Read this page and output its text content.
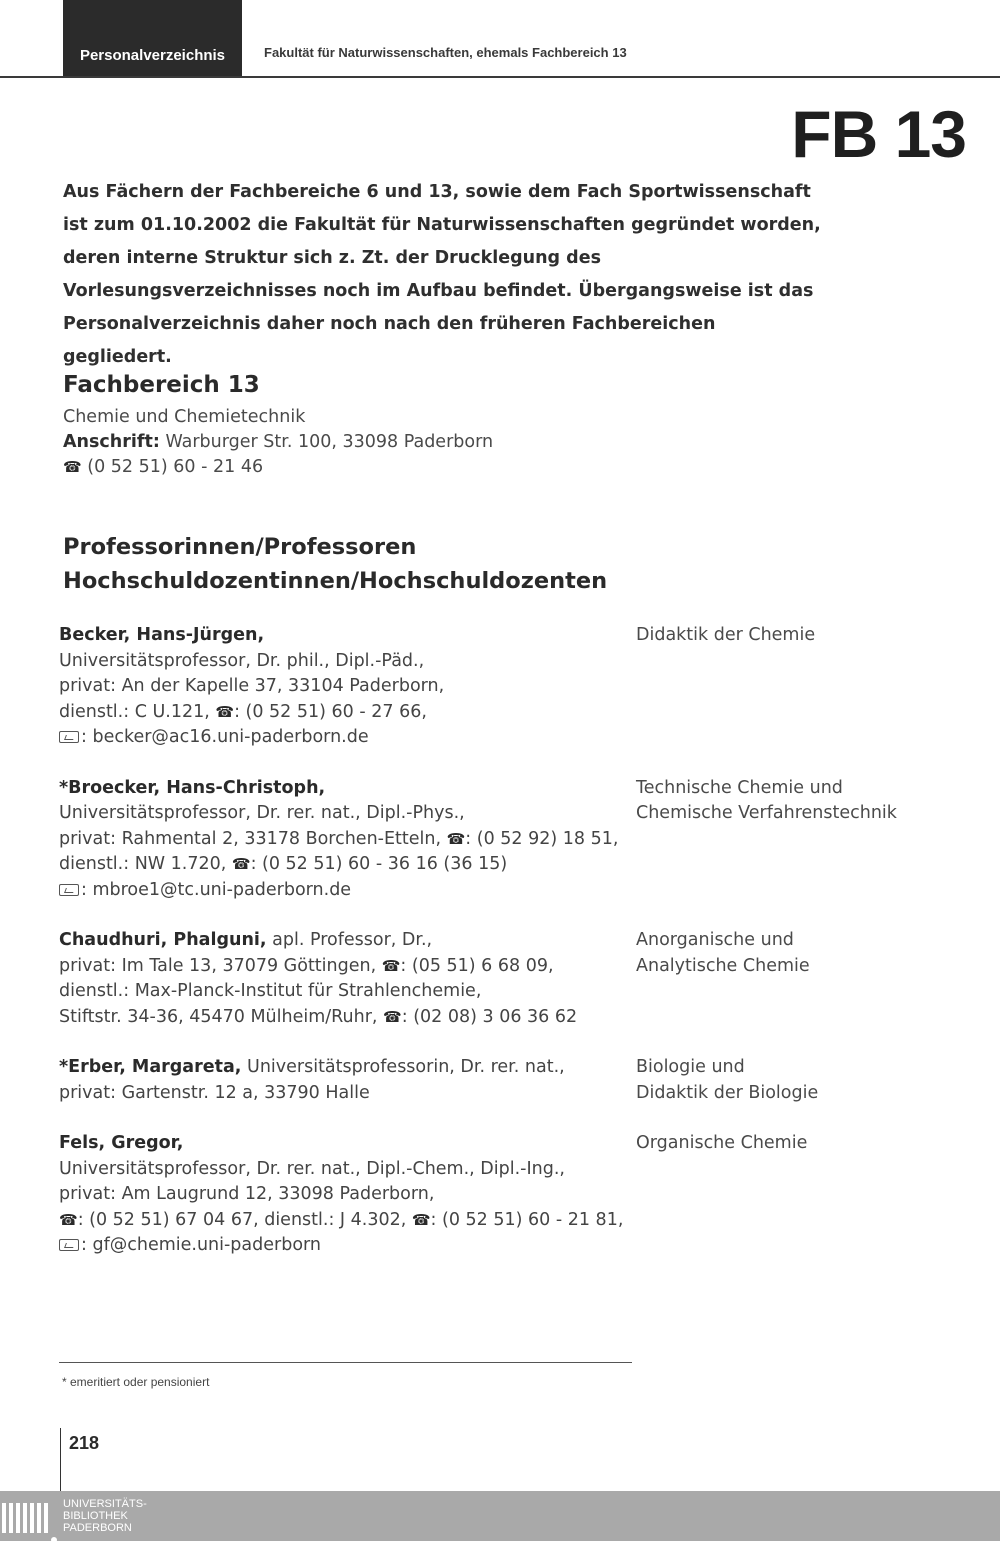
Personalverzeichnis	Fakultät für Naturwissenschaften, ehemals Fachbereich 13
FB 13
Aus Fächern der Fachbereiche 6 und 13, sowie dem Fach Sportwissenschaft ist zum 01.10.2002 die Fakultät für Naturwissenschaften gegründet worden, deren interne Struktur sich z. Zt. der Drucklegung des Vorlesungsverzeichnisses noch im Aufbau befindet. Übergangsweise ist das Personalverzeichnis daher noch nach den früheren Fachbereichen gegliedert.
Fachbereich 13
Chemie und Chemietechnik
Anschrift: Warburger Str. 100, 33098 Paderborn
☎ (0 52 51) 60 - 21 46
Professorinnen/Professoren
Hochschuldozentinnen/Hochschuldozenten
Becker, Hans-Jürgen,
Universitätsprofessor, Dr. phil., Dipl.-Päd.,
privat: An der Kapelle 37, 33104 Paderborn,
dienstl.: C U.121, ☎: (0 52 51) 60 - 27 66,
: becker@ac16.uni-paderborn.de
Didaktik der Chemie
*Broecker, Hans-Christoph,
Universitätsprofessor, Dr. rer. nat., Dipl.-Phys.,
privat: Rahmental 2, 33178 Borchen-Etteln, ☎: (0 52 92) 18 51,
dienstl.: NW 1.720, ☎: (0 52 51) 60 - 36 16 (36 15)
: mbroe1@tc.uni-paderborn.de
Technische Chemie und
Chemische Verfahrenstechnik
Chaudhuri, Phalguni, apl. Professor, Dr.,
privat: Im Tale 13, 37079 Göttingen, ☎: (05 51) 6 68 09,
dienstl.: Max-Planck-Institut für Strahlenchemie,
Stiftstr. 34-36, 45470 Mülheim/Ruhr, ☎: (02 08) 3 06 36 62
Anorganische und
Analytische Chemie
*Erber, Margareta, Universitätsprofessorin, Dr. rer. nat.,
privat: Gartenstr. 12 a, 33790 Halle
Biologie und
Didaktik der Biologie
Fels, Gregor,
Universitätsprofessor, Dr. rer. nat., Dipl.-Chem., Dipl.-Ing.,
privat: Am Laugrund 12, 33098 Paderborn,
☎: (0 52 51) 67 04 67, dienstl.: J 4.302, ☎: (0 52 51) 60 - 21 81,
: gf@chemie.uni-paderborn
Organische Chemie
* emeritiert oder pensioniert
218
UNIVERSITÄTS-
BIBLIOTHEK
PADERBORN
